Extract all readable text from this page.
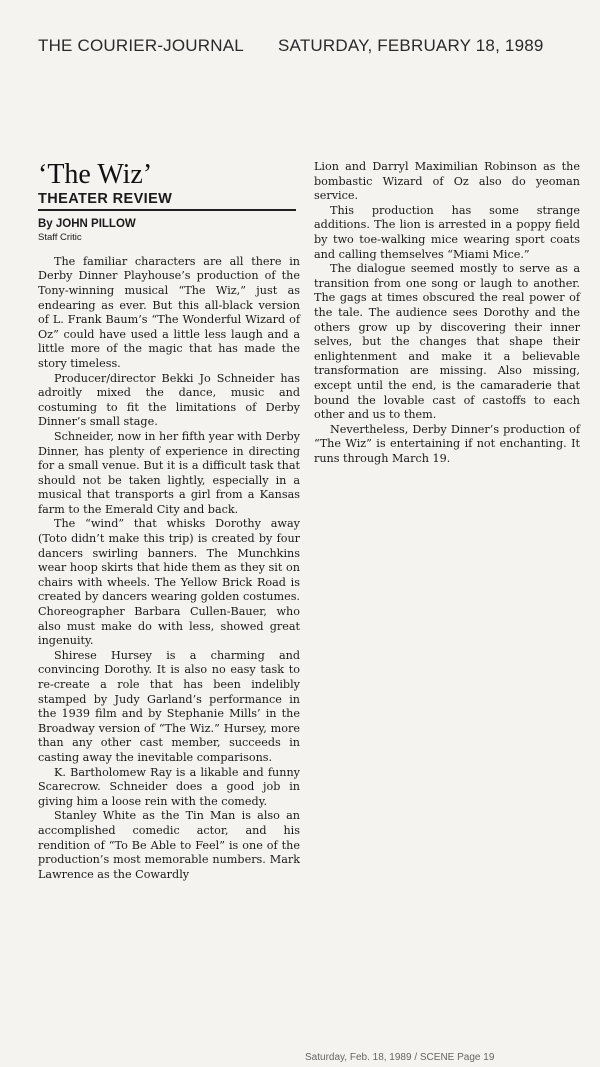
THE COURIER-JOURNAL SATURDAY, FEBRUARY 18, 1989
‘The Wiz’
THEATER REVIEW
By JOHN PILLOW
Staff Critic

The familiar characters are all there in Derby Dinner Playhouse’s production of the Tony-winning musical “The Wiz,” just as endearing as ever. But this all-black version of L. Frank Baum’s “The Wonderful Wizard of Oz” could have used a little less laugh and a little more of the magic that has made the story timeless.

Producer/director Bekki Jo Schneider has adroitly mixed the dance, music and costuming to fit the limitations of Derby Dinner’s small stage.

Schneider, now in her fifth year with Derby Dinner, has plenty of experience in directing for a small venue. But it is a difficult task that should not be taken lightly, especially in a musical that transports a girl from a Kansas farm to the Emerald City and back.

The “wind” that whisks Dorothy away (Toto didn’t make this trip) is created by four dancers swirling banners. The Munchkins wear hoop skirts that hide them as they sit on chairs with wheels. The Yellow Brick Road is created by dancers wearing golden costumes. Choreographer Barbara Cullen-Bauer, who also must make do with less, showed great ingenuity.

Shirese Hursey is a charming and convincing Dorothy. It is also no easy task to re-create a role that has been indelibly stamped by Judy Garland’s performance in the 1939 film and by Stephanie Mills’ in the Broadway version of “The Wiz.” Hursey, more than any other cast member, succeeds in casting away the inevitable comparisons.

K. Bartholomew Ray is a likable and funny Scarecrow. Schneider does a good job in giving him a loose rein with the comedy.

Stanley White as the Tin Man is also an accomplished comedic actor, and his rendition of “To Be Able to Feel” is one of the production’s most memorable numbers. Mark Lawrence as the Cowardly

Lion and Darryl Maximilian Robinson as the bombastic Wizard of Oz also do yeoman service.

This production has some strange additions. The lion is arrested in a poppy field by two toe-walking mice wearing sport coats and calling themselves “Miami Mice.”

The dialogue seemed mostly to serve as a transition from one song or laugh to another. The gags at times obscured the real power of the tale. The audience sees Dorothy and the others grow up by discovering their inner selves, but the changes that shape their enlightenment and make it a believable transformation are missing. Also missing, except until the end, is the camaraderie that bound the lovable cast of castoffs to each other and us to them.

Nevertheless, Derby Dinner’s production of “The Wiz” is entertaining if not enchanting. It runs through March 19.

Saturday, Feb. 18, 1989 / SCENE Page 19
